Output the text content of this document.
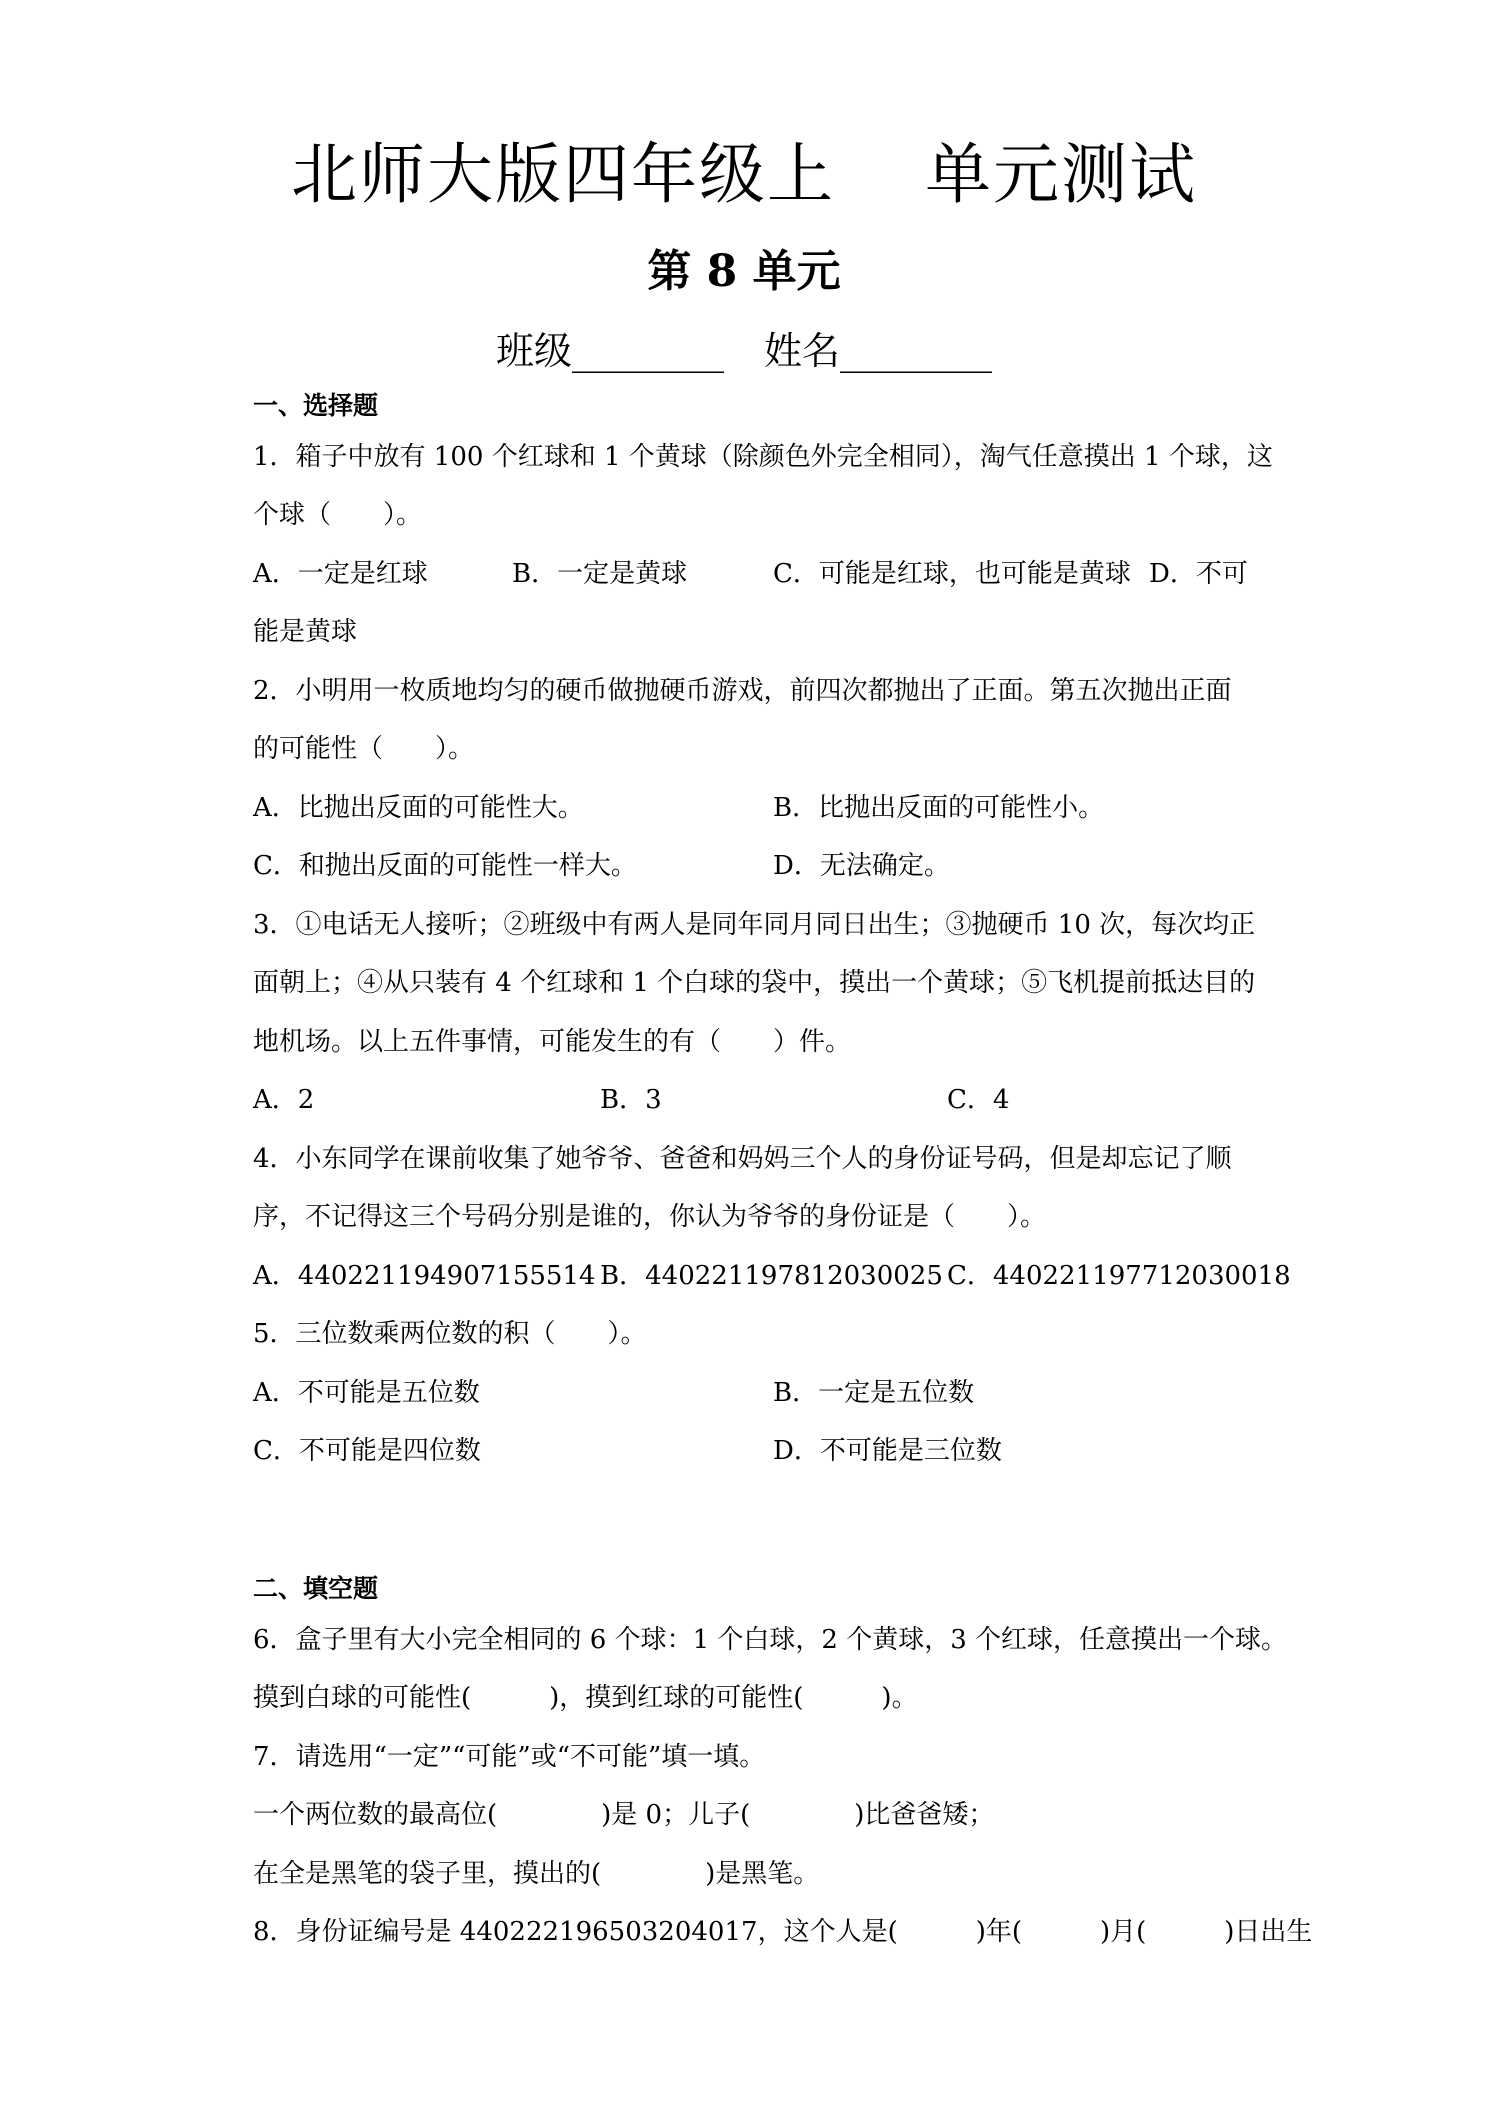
北师大版四年级上 单元测试
第 8 单元
班级________ 姓名________
一、选择题
1．箱子中放有 100 个红球和 1 个黄球（除颜色外完全相同），淘气任意摸出 1 个球，这
个球（　　）。
A．一定是红球	B．一定是黄球	C．可能是红球，也可能是黄球 D．不可
能是黄球
2．小明用一枚质地均匀的硬币做抛硬币游戏，前四次都抛出了正面。第五次抛出正面
的可能性（　　）。
A．比抛出反面的可能性大。	B．比抛出反面的可能性小。
C．和抛出反面的可能性一样大。	D．无法确定。
3．①电话无人接听；②班级中有两人是同年同月同日出生；③抛硬币 10 次，每次均正
面朝上；④从只装有 4 个红球和 1 个白球的袋中，摸出一个黄球；⑤飞机提前抵达目的
地机场。以上五件事情，可能发生的有（　　）件。
A．2	B．3	C．4
4．小东同学在课前收集了她爷爷、爸爸和妈妈三个人的身份证号码，但是却忘记了顺
序，不记得这三个号码分别是谁的，你认为爷爷的身份证是（　　）。
A．440221194907155514 B．440221197812030025 C．440221197712030018
5．三位数乘两位数的积（　　）。
A．不可能是五位数	B．一定是五位数
C．不可能是四位数	D．不可能是三位数
二、填空题
6．盒子里有大小完全相同的 6 个球：1 个白球，2 个黄球，3 个红球，任意摸出一个球。
摸到白球的可能性(　　　)，摸到红球的可能性(　　　)。
7．请选用“一定”“可能”或“不可能”填一填。
一个两位数的最高位(　　　　)是 0；儿子(　　　　)比爸爸矮；
在全是黑笔的袋子里，摸出的(　　　　)是黑笔。
8．身份证编号是 440222196503204017，这个人是(　　　)年(　　　)月(　　　)日出生
